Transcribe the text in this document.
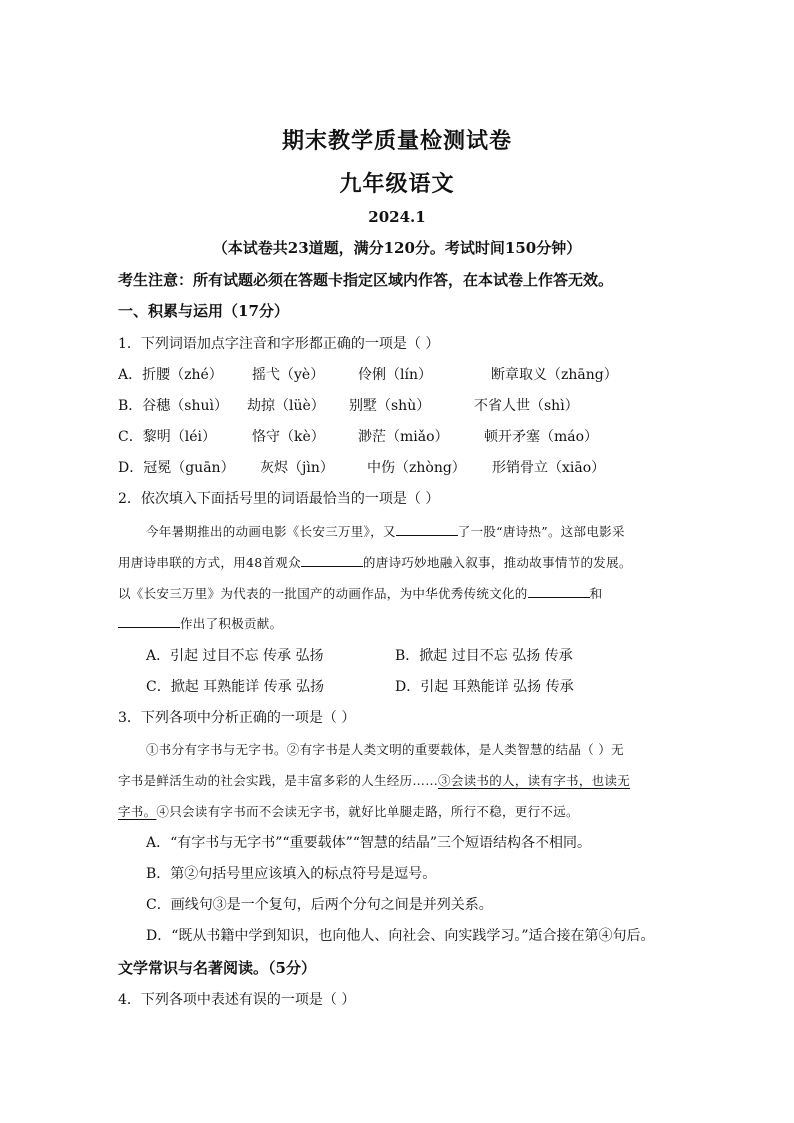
期末教学质量检测试卷
九年级语文
2024.1
（本试卷共23道题，满分120分。考试时间150分钟）
考生注意：所有试题必须在答题卡指定区域内作答，在本试卷上作答无效。
一、积累与运用（17分）
1．下列词语加点字注音和字形都正确的一项是（ ）
A．折腰（zhé） 摇弋（yè） 伶俐（lín）	断章取义（zhāng）
B．谷穗（shuì） 劫掠（lüè） 别墅（shù）	不省人世（shì）
C．黎明（léi）	恪守（kè） 渺茫（miǎo）	顿开矛塞（máo）
D．冠冕（guān） 灰烬（jìn） 中伤（zhòng） 形销骨立（xiāo）
2．依次填入下面括号里的词语最恰当的一项是（ ）
今年暑期推出的动画电影《长安三万里》，又	了一股“唐诗热”。这部电影采
用唐诗串联的方式，用48首观众	的唐诗巧妙地融入叙事，推动故事情节的发展。
以《长安三万里》为代表的一批国产的动画作品，为中华优秀传统文化的	和
作出了积极贡献。
A．引起 过目不忘 传承 弘扬	B．掀起 过目不忘 弘扬 传承
C．掀起 耳熟能详 传承 弘扬	D．引起 耳熟能详 弘扬 传承
3．下列各项中分析正确的一项是（ ）
①书分有字书与无字书。②有字书是人类文明的重要载体，是人类智慧的结晶（ ）无
字书是鲜活生动的社会实践，是丰富多彩的人生经历……③会读书的人，读有字书，也读无
字书。④只会读有字书而不会读无字书，就好比单腿走路，所行不稳，更行不远。
A．“有字书与无字书”“重要载体”“智慧的结晶”三个短语结构各不相同。
B．第②句括号里应该填入的标点符号是逗号。
C．画线句③是一个复句，后两个分句之间是并列关系。
D．“既从书籍中学到知识，也向他人、向社会、向实践学习。”适合接在第④句后。
文学常识与名著阅读。（5分）
4．下列各项中表述有误的一项是（ ）
